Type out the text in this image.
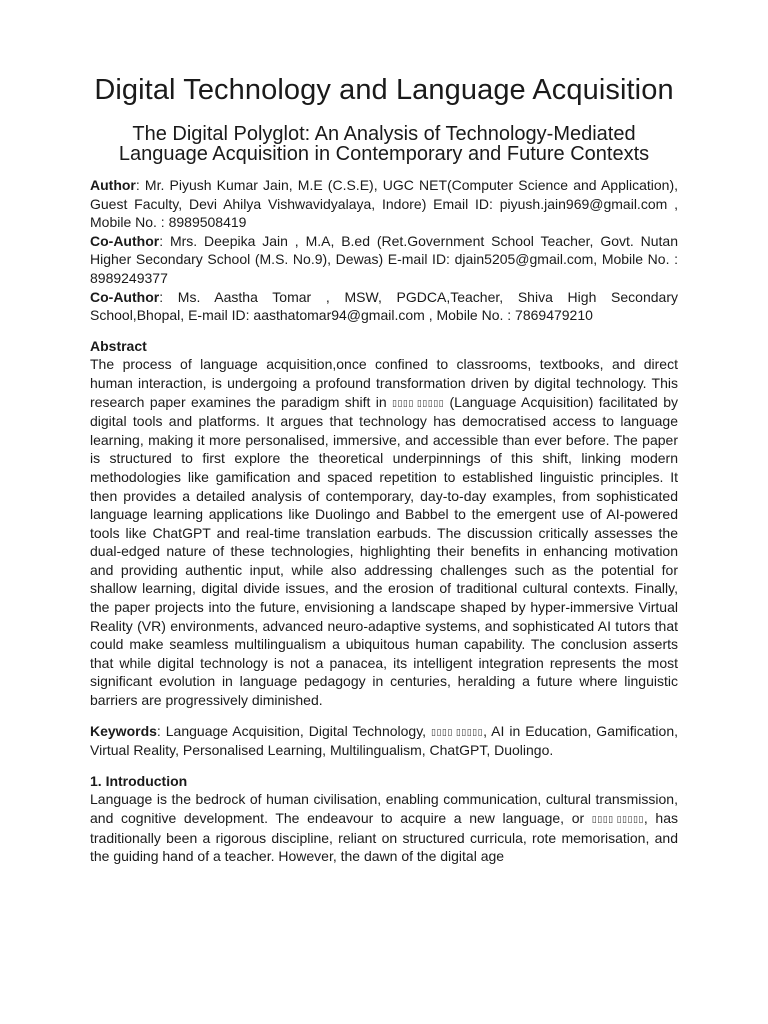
Digital Technology and Language Acquisition
The Digital Polyglot: An Analysis of Technology-Mediated Language Acquisition in Contemporary and Future Contexts

Author: Mr. Piyush Kumar Jain, M.E (C.S.E), UGC NET(Computer Science and Application), Guest Faculty, Devi Ahilya Vishwavidyalaya, Indore) Email ID: piyush.jain969@gmail.com , Mobile No. : 8989508419

Co-Author: Mrs. Deepika Jain , M.A, B.ed (Ret.Government School Teacher, Govt. Nutan Higher Secondary School (M.S. No.9), Dewas) E-mail ID: djain5205@gmail.com, Mobile No. : 8989249377

Co-Author: Ms. Aastha Tomar , MSW, PGDCA,Teacher, Shiva High Secondary School,Bhopal, E-mail ID: aasthatomar94@gmail.com , Mobile No. : 7869479210

Abstract

The process of language acquisition,once confined to classrooms, textbooks, and direct human interaction, is undergoing a profound transformation driven by digital technology. This research paper examines the paradigm shift in ▯▯▯▯ ▯▯▯▯▯ (Language Acquisition) facilitated by digital tools and platforms. It argues that technology has democratised access to language learning, making it more personalised, immersive, and accessible than ever before. The paper is structured to first explore the theoretical underpinnings of this shift, linking modern methodologies like gamification and spaced repetition to established linguistic principles. It then provides a detailed analysis of contemporary, day-to-day examples, from sophisticated language learning applications like Duolingo and Babbel to the emergent use of AI-powered tools like ChatGPT and real-time translation earbuds. The discussion critically assesses the dual-edged nature of these technologies, highlighting their benefits in enhancing motivation and providing authentic input, while also addressing challenges such as the potential for shallow learning, digital divide issues, and the erosion of traditional cultural contexts. Finally, the paper projects into the future, envisioning a landscape shaped by hyper-immersive Virtual Reality (VR) environments, advanced neuro-adaptive systems, and sophisticated AI tutors that could make seamless multilingualism a ubiquitous human capability. The conclusion asserts that while digital technology is not a panacea, its intelligent integration represents the most significant evolution in language pedagogy in centuries, heralding a future where linguistic barriers are progressively diminished.

Keywords: Language Acquisition, Digital Technology, ▯▯▯▯ ▯▯▯▯▯, AI in Education, Gamification, Virtual Reality, Personalised Learning, Multilingualism, ChatGPT, Duolingo.

1. Introduction

Language is the bedrock of human civilisation, enabling communication, cultural transmission, and cognitive development. The endeavour to acquire a new language, or ▯▯▯▯ ▯▯▯▯▯, has traditionally been a rigorous discipline, reliant on structured curricula, rote memorisation, and the guiding hand of a teacher. However, the dawn of the digital age
